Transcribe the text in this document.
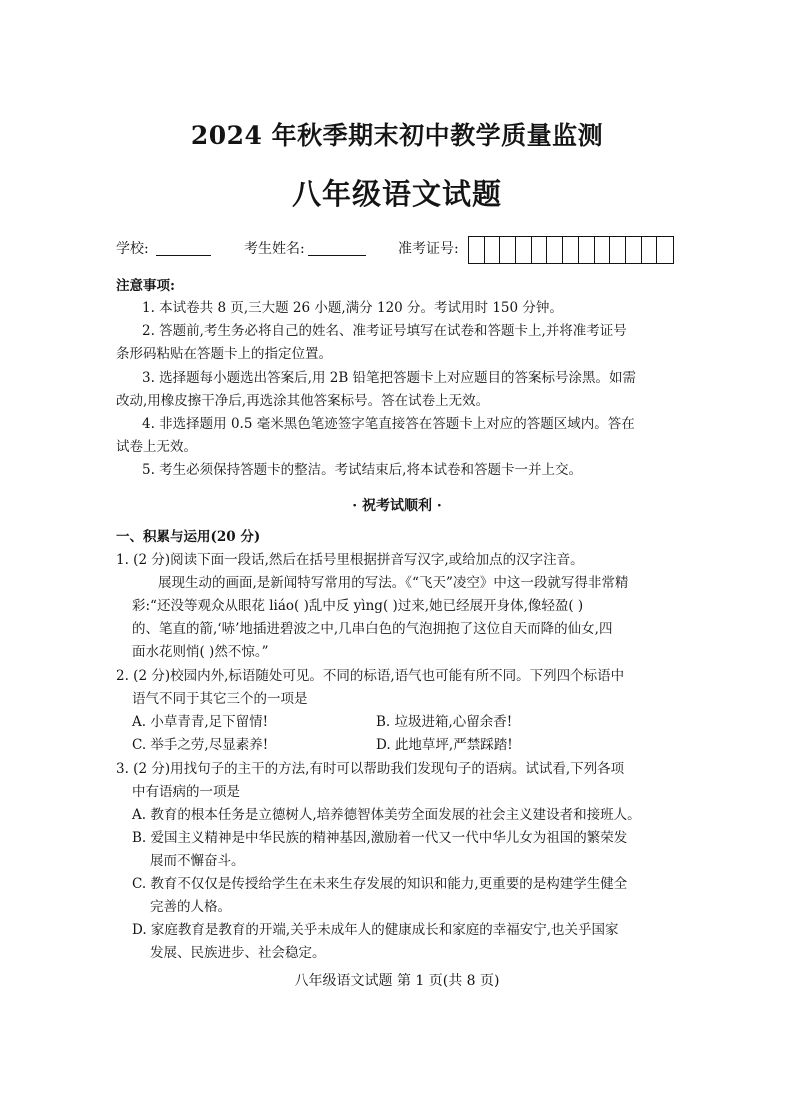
2024 年秋季期末初中教学质量监测
八年级语文试题
学校:	考生姓名:	准考证号:
注意事项:
1. 本试卷共 8 页,三大题 26 小题,满分 120 分。考试用时 150 分钟。
2. 答题前,考生务必将自己的姓名、准考证号填写在试卷和答题卡上,并将准考证号
条形码粘贴在答题卡上的指定位置。
3. 选择题每小题选出答案后,用 2B 铅笔把答题卡上对应题目的答案标号涂黑。如需
改动,用橡皮擦干净后,再选涂其他答案标号。答在试卷上无效。
4. 非选择题用 0.5 毫米黑色笔迹签字笔直接答在答题卡上对应的答题区域内。答在
试卷上无效。
5. 考生必须保持答题卡的整洁。考试结束后,将本试卷和答题卡一并上交。
· 祝考试顺利 ·
一、积累与运用(20 分)
1. (2 分)阅读下面一段话,然后在括号里根据拼音写汉字,或给加点的汉字注音。
展现生动的画面,是新闻特写常用的写法。《“飞天”凌空》中这一段就写得非常精
彩:“还没等观众从眼花 liáo( )乱中反 yìng( )过来,她已经展开身体,像轻盈( )
的、笔直的箭,‘哧’地插进碧波之中,几串白色的气泡拥抱了这位自天而降的仙女,四
面水花则悄( )然不惊。”
2. (2 分)校园内外,标语随处可见。不同的标语,语气也可能有所不同。下列四个标语中
语气不同于其它三个的一项是
A. 小草青青,足下留情!	B. 垃圾进箱,心留余香!
C. 举手之劳,尽显素养!	D. 此地草坪,严禁踩踏!
3. (2 分)用找句子的主干的方法,有时可以帮助我们发现句子的语病。试试看,下列各项
中有语病的一项是
A. 教育的根本任务是立德树人,培养德智体美劳全面发展的社会主义建设者和接班人。
B. 爱国主义精神是中华民族的精神基因,激励着一代又一代中华儿女为祖国的繁荣发
展而不懈奋斗。
C. 教育不仅仅是传授给学生在未来生存发展的知识和能力,更重要的是构建学生健全
完善的人格。
D. 家庭教育是教育的开端,关乎未成年人的健康成长和家庭的幸福安宁,也关乎国家
发展、民族进步、社会稳定。
八年级语文试题 第 1 页(共 8 页)
